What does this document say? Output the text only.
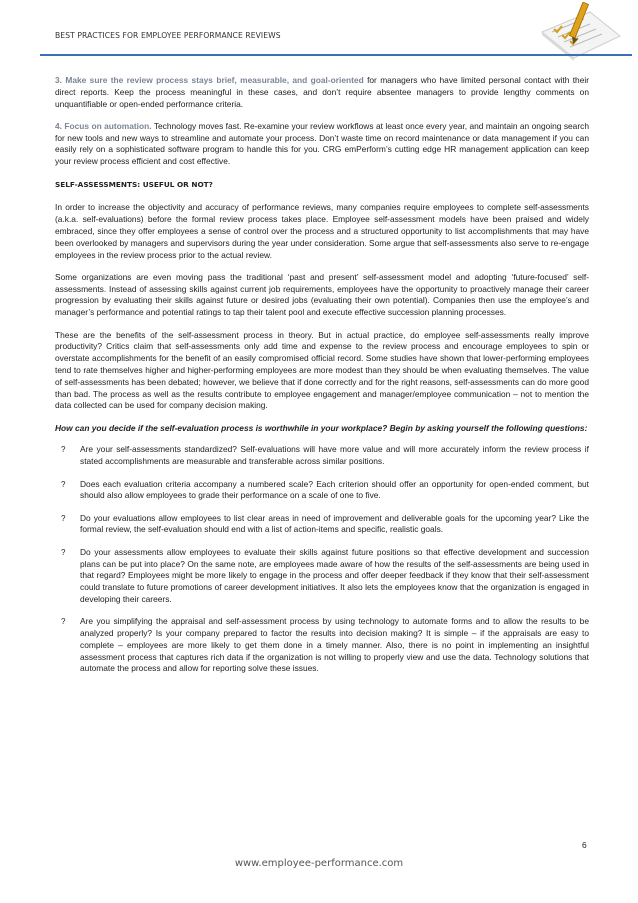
BEST PRACTICES FOR EMPLOYEE PERFORMANCE REVIEWS

3. Make sure the review process stays brief, measurable, and goal-oriented for managers who have limited personal contact with their direct reports. Keep the process meaningful in these cases, and don’t require absentee managers to provide lengthy comments on unquantifiable or open-ended performance criteria.

4. Focus on automation. Technology moves fast. Re-examine your review workflows at least once every year, and maintain an ongoing search for new tools and new ways to streamline and automate your process. Don’t waste time on record maintenance or data management if you can easily rely on a sophisticated software program to handle this for you. CRG emPerform’s cutting edge HR management application can keep your review process efficient and cost effective.

SELF-ASSESSMENTS: USEFUL OR NOT?

In order to increase the objectivity and accuracy of performance reviews, many companies require employees to complete self-assessments (a.k.a. self-evaluations) before the formal review process takes place. Employee self-assessment models have been praised and widely embraced, since they offer employees a sense of control over the process and a structured opportunity to list accomplishments that may have been overlooked by managers and supervisors during the year under consideration. Some argue that self-assessments also serve to re-engage employees in the review process prior to the actual review.

Some organizations are even moving pass the traditional ‘past and present’ self-assessment model and adopting ‘future-focused’ self-assessments. Instead of assessing skills against current job requirements, employees have the opportunity to proactively manage their career progression by evaluating their skills against future or desired jobs (evaluating their own potential). Companies then use the employee’s and manager’s performance and potential ratings to tap their talent pool and execute effective succession planning processes.

These are the benefits of the self-assessment process in theory. But in actual practice, do employee self-assessments really improve productivity? Critics claim that self-assessments only add time and expense to the review process and encourage employees to spin or overstate accomplishments for the benefit of an easily compromised official record. Some studies have shown that lower-performing employees tend to rate themselves higher and higher-performing employees are more modest than they should be when evaluating themselves. The value of self-assessments has been debated; however, we believe that if done correctly and for the right reasons, self-assessments can do more good than bad. The process as well as the results contribute to employee engagement and manager/employee communication – not to mention the data collected can be used for company decision making.

How can you decide if the self-evaluation process is worthwhile in your workplace? Begin by asking yourself the following questions:

? Are your self-assessments standardized? Self-evaluations will have more value and will more accurately inform the review process if stated accomplishments are measurable and transferable across similar positions.
? Does each evaluation criteria accompany a numbered scale? Each criterion should offer an opportunity for open-ended comment, but should also allow employees to grade their performance on a scale of one to five.
? Do your evaluations allow employees to list clear areas in need of improvement and deliverable goals for the upcoming year? Like the formal review, the self-evaluation should end with a list of action-items and specific, realistic goals.
? Do your assessments allow employees to evaluate their skills against future positions so that effective development and succession plans can be put into place? On the same note, are employees made aware of how the results of the self-assessments are being used in that regard? Employees might be more likely to engage in the process and offer deeper feedback if they know that their self-assessment could translate to future promotions of career development initiatives. It also lets the employees know that the organization is engaged in developing their careers.
? Are you simplifying the appraisal and self-assessment process by using technology to automate forms and to allow the results to be analyzed properly? Is your company prepared to factor the results into decision making? It is simple – if the appraisals are easy to complete – employees are more likely to get them done in a timely manner. Also, there is no point in implementing an insightful assessment process that captures rich data if the organization is not willing to properly view and use the data. Technology solutions that automate the process and allow for reporting solve these issues.
6
www.employee-performance.com
